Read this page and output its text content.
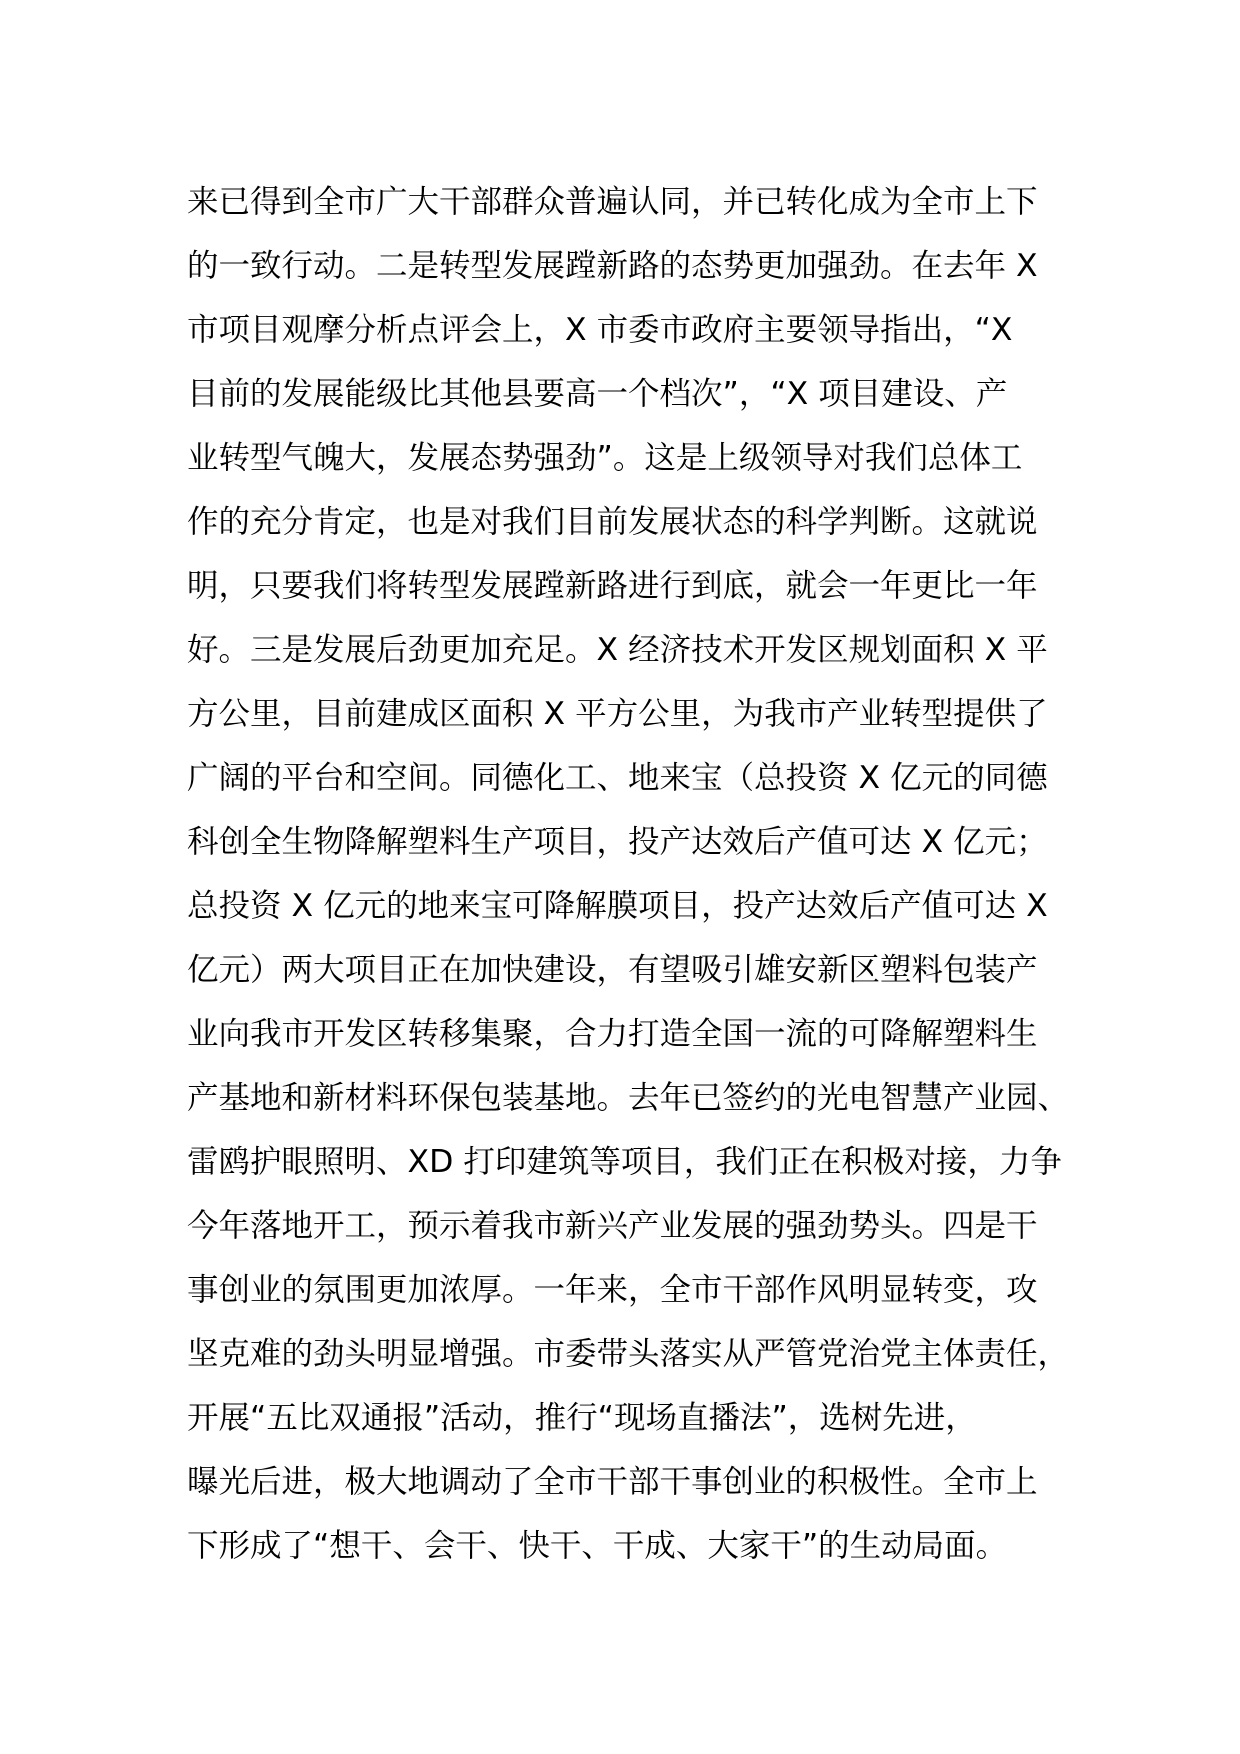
来已得到全市广大干部群众普遍认同，并已转化成为全市上下
的一致行动。二是转型发展蹚新路的态势更加强劲。在去年 X
市项目观摩分析点评会上，X 市委市政府主要领导指出，“X
目前的发展能级比其他县要高一个档次”，“X 项目建设、产
业转型气魄大，发展态势强劲”。这是上级领导对我们总体工
作的充分肯定，也是对我们目前发展状态的科学判断。这就说
明，只要我们将转型发展蹚新路进行到底，就会一年更比一年
好。三是发展后劲更加充足。X 经济技术开发区规划面积 X 平
方公里，目前建成区面积 X 平方公里，为我市产业转型提供了
广阔的平台和空间。同德化工、地来宝（总投资 X 亿元的同德
科创全生物降解塑料生产项目，投产达效后产值可达 X 亿元；
总投资 X 亿元的地来宝可降解膜项目，投产达效后产值可达 X
亿元）两大项目正在加快建设，有望吸引雄安新区塑料包装产
业向我市开发区转移集聚，合力打造全国一流的可降解塑料生
产基地和新材料环保包装基地。去年已签约的光电智慧产业园、
雷鸥护眼照明、XD 打印建筑等项目，我们正在积极对接，力争
今年落地开工，预示着我市新兴产业发展的强劲势头。四是干
事创业的氛围更加浓厚。一年来，全市干部作风明显转变，攻
坚克难的劲头明显增强。市委带头落实从严管党治党主体责任，
开展“五比双通报”活动，推行“现场直播法”，选树先进，
曝光后进，极大地调动了全市干部干事创业的积极性。全市上
下形成了“想干、会干、快干、干成、大家干”的生动局面。
